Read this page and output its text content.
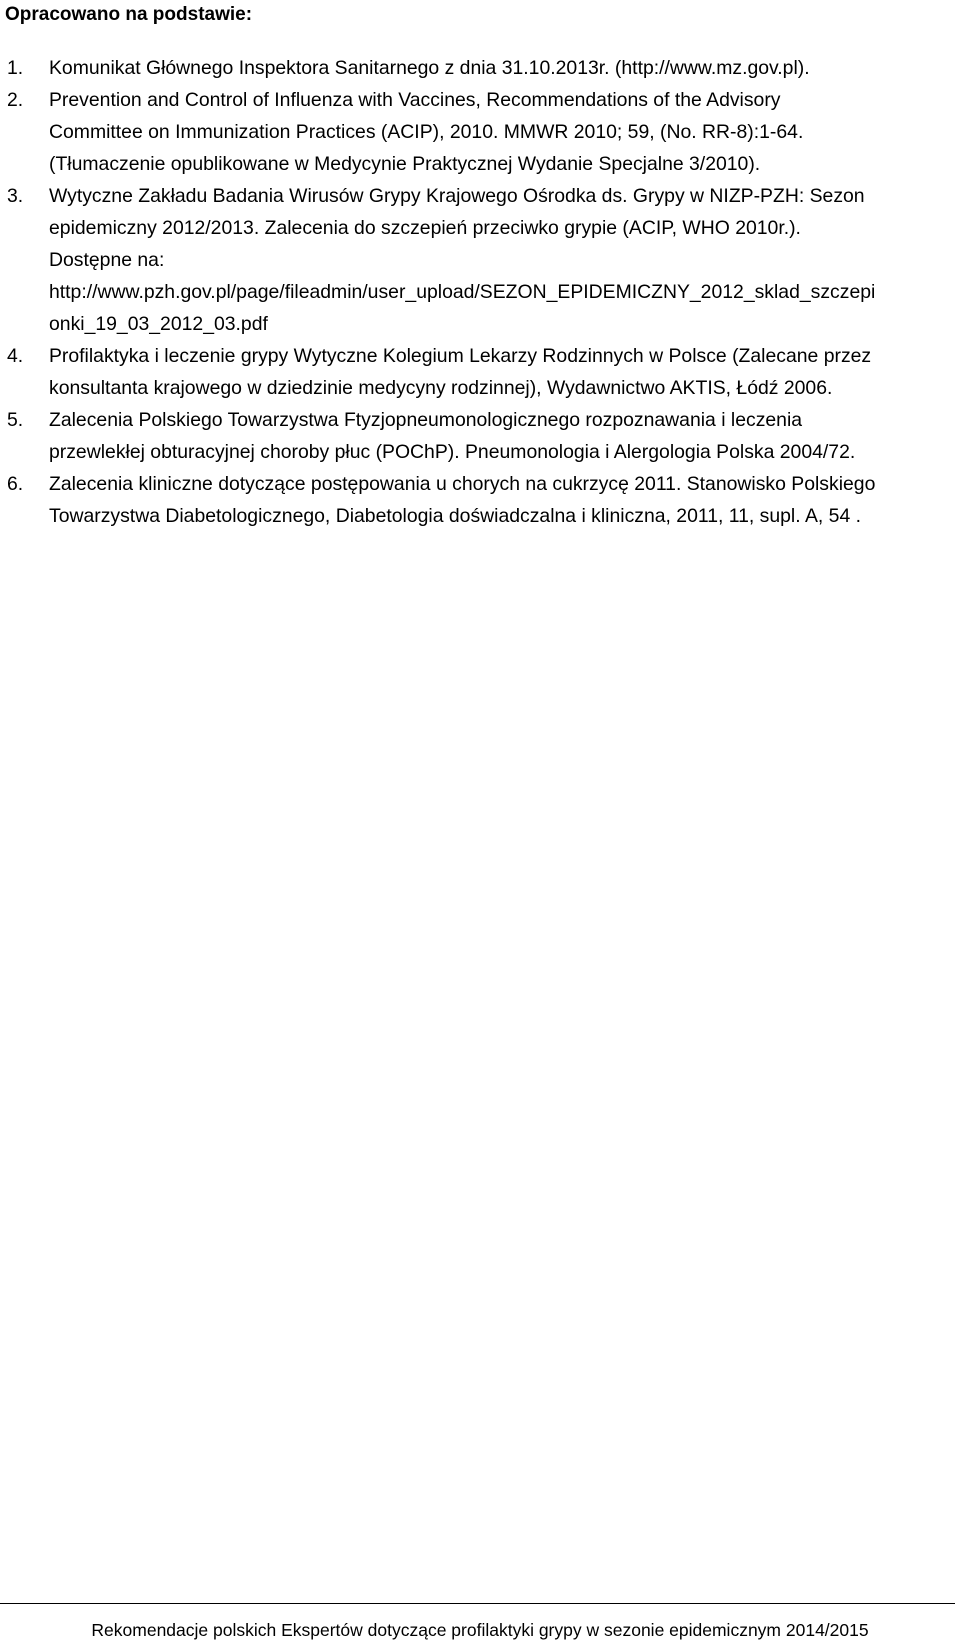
Opracowano na podstawie:
1. Komunikat Głównego Inspektora Sanitarnego z dnia 31.10.2013r. (http://www.mz.gov.pl).
2. Prevention and Control of Influenza with Vaccines, Recommendations of the Advisory
Committee on Immunization Practices (ACIP), 2010. MMWR 2010; 59, (No. RR-8):1-64.
(Tłumaczenie opublikowane w Medycynie Praktycznej Wydanie Specjalne 3/2010).
3. Wytyczne Zakładu Badania Wirusów Grypy Krajowego Ośrodka ds. Grypy w NIZP-PZH: Sezon
epidemiczny 2012/2013. Zalecenia do szczepień przeciwko grypie (ACIP, WHO 2010r.).
Dostępne na:
http://www.pzh.gov.pl/page/fileadmin/user_upload/SEZON_EPIDEMICZNY_2012_sklad_szczepi
onki_19_03_2012_03.pdf
4. Profilaktyka i leczenie grypy Wytyczne Kolegium Lekarzy Rodzinnych w Polsce (Zalecane przez
konsultanta krajowego w dziedzinie medycyny rodzinnej), Wydawnictwo AKTIS, Łódź 2006.
5. Zalecenia Polskiego Towarzystwa Ftyzjopneumonologicznego rozpoznawania i leczenia
przewlekłej obturacyjnej choroby płuc (POChP). Pneumonologia i Alergologia Polska 2004/72.
6. Zalecenia kliniczne dotyczące postępowania u chorych na cukrzycę 2011. Stanowisko Polskiego
Towarzystwa Diabetologicznego, Diabetologia doświadczalna i kliniczna, 2011, 11, supl. A, 54 .
Rekomendacje polskich Ekspertów dotyczące profilaktyki grypy w sezonie epidemicznym 2014/2015
